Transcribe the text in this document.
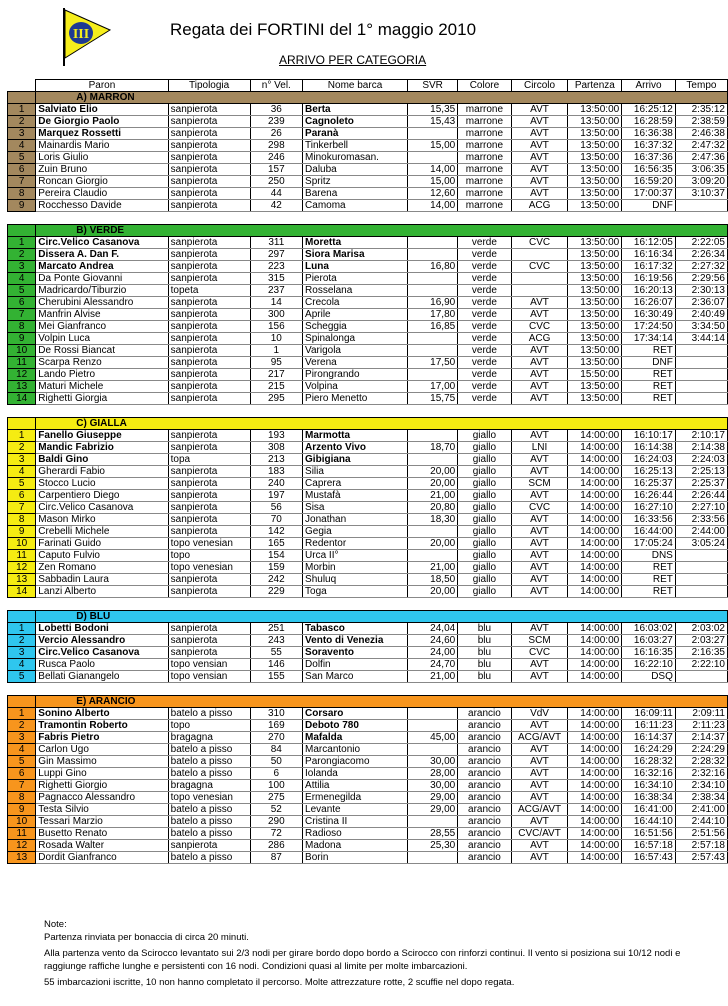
III	Regata dei FORTINI del 1° maggio 2010
ARRIVO PER CATEGORIA
	Paron	Tipologia	n° Vel.	Nome barca	SVR	Colore	Circolo	Partenza	Arrivo	Tempo
	A) MARRON									
1	Salviato Elio	sanpierota	36	Berta	15,35	marrone	AVT	13:50:00	16:25:12	2:35:12
2	De Giorgio Paolo	sanpierota	239	Cagnoleto	15,43	marrone	AVT	13:50:00	16:28:59	2:38:59
3	Marquez Rossetti	sanpierota	26	Paranà		marrone	AVT	13:50:00	16:36:38	2:46:38
4	Mainardis Mario	sanpierota	298	Tinkerbell	15,00	marrone	AVT	13:50:00	16:37:32	2:47:32
5	Loris Giulio	sanpierota	246	Minokuromasan.		marrone	AVT	13:50:00	16:37:36	2:47:36
6	Zuin Bruno	sanpierota	157	Daluba	14,00	marrone	AVT	13:50:00	16:56:35	3:06:35
7	Roncan Giorgio	sanpierota	250	Spritz	15,00	marrone	AVT	13:50:00	16:59:20	3:09:20
8	Pereira Claudio	sanpierota	44	Barena	12,60	marrone	AVT	13:50:00	17:00:37	3:10:37
9	Rocchesso Davide	sanpierota	42	Camoma	14,00	marrone	ACG	13:50:00	DNF	

	B) VERDE									
1	Circ.Velico Casanova	sanpierota	311	Moretta		verde	CVC	13:50:00	16:12:05	2:22:05
2	Dissera A. Dan F.	sanpierota	297	Siora Marisa		verde		13:50:00	16:16:34	2:26:34
3	Marcato Andrea	sanpierota	223	Luna	16,80	verde	CVC	13:50:00	16:17:32	2:27:32
4	Da Ponte Giovanni	sanpierota	315	Pierota		verde		13:50:00	16:19:56	2:29:56
5	Madricardo/Tiburzio	topeta	237	Rosselana		verde		13:50:00	16:20:13	2:30:13
6	Cherubini Alessandro	sanpierota	14	Crecola	16,90	verde	AVT	13:50:00	16:26:07	2:36:07
7	Manfrin Alvise	sanpierota	300	Aprile	17,80	verde	AVT	13:50:00	16:30:49	2:40:49
8	Mei Gianfranco	sanpierota	156	Scheggia	16,85	verde	CVC	13:50:00	17:24:50	3:34:50
9	Volpin Luca	sanpierota	10	Spinalonga		verde	ACG	13:50:00	17:34:14	3:44:14
10	De Rossi Biancat	sanpierota	1	Varigola		verde	AVT	13:50:00	RET	
11	Scarpa Renzo	sanpierota	95	Verena	17,50	verde	AVT	13:50:00	DNF	
12	Lando Pietro	sanpierota	217	Pirongrando		verde	AVT	15:50:00	RET	
13	Maturi Michele	sanpierota	215	Volpina	17,00	verde	AVT	13:50:00	RET	
14	Righetti Giorgia	sanpierota	295	Piero Menetto	15,75	verde	AVT	13:50:00	RET	

	C) GIALLA									
1	Fanello Giuseppe	sanpierota	193	Marmotta		giallo	AVT	14:00:00	16:10:17	2:10:17
2	Mandic Fabrizio	sanpierota	308	Arzento Vivo	18,70	giallo	LNI	14:00:00	16:14:38	2:14:38
3	Baldi Gino	topa	213	Gibigiana		giallo	AVT	14:00:00	16:24:03	2:24:03
4	Gherardi Fabio	sanpierota	183	Silia	20,00	giallo	AVT	14:00:00	16:25:13	2:25:13
5	Stocco Lucio	sanpierota	240	Caprera	20,00	giallo	SCM	14:00:00	16:25:37	2:25:37
6	Carpentiero Diego	sanpierota	197	Mustafà	21,00	giallo	AVT	14:00:00	16:26:44	2:26:44
7	Circ.Velico Casanova	sanpierota	56	Sisa	20,80	giallo	CVC	14:00:00	16:27:10	2:27:10
8	Mason Mirko	sanpierota	70	Jonathan	18,30	giallo	AVT	14:00:00	16:33:56	2:33:56
9	Crebelli Michele	sanpierota	142	Gegia		giallo	AVT	14:00:00	16:44:00	2:44:00
10	Farinati Guido	topo venesian	165	Redentor	20,00	giallo	AVT	14:00:00	17:05:24	3:05:24
11	Caputo Fulvio	topo	154	Urca II°		giallo	AVT	14:00:00	DNS	
12	Zen Romano	topo venesian	159	Morbin	21,00	giallo	AVT	14:00:00	RET	
13	Sabbadin Laura	sanpierota	242	Shuluq	18,50	giallo	AVT	14:00:00	RET	
14	Lanzi Alberto	sanpierota	229	Toga	20,00	giallo	AVT	14:00:00	RET	

	D) BLU									
1	Lobetti Bodoni	sanpierota	251	Tabasco	24,04	blu	AVT	14:00:00	16:03:02	2:03:02
2	Vercio Alessandro	sanpierota	243	Vento di Venezia	24,60	blu	SCM	14:00:00	16:03:27	2:03:27
3	Circ.Velico Casanova	sanpierota	55	Soravento	24,00	blu	CVC	14:00:00	16:16:35	2:16:35
4	Rusca Paolo	topo vensian	146	Dolfin	24,70	blu	AVT	14:00:00	16:22:10	2:22:10
5	Bellati Gianangelo	topo vensian	155	San Marco	21,00	blu	AVT	14:00:00	DSQ	

	E) ARANCIO									
1	Sonino Alberto	batelo a pisso	310	Corsaro		arancio	VdV	14:00:00	16:09:11	2:09:11
2	Tramontin Roberto	topo	169	Deboto 780		arancio	AVT	14:00:00	16:11:23	2:11:23
3	Fabris Pietro	bragagna	270	Mafalda	45,00	arancio	ACG/AVT	14:00:00	16:14:37	2:14:37
4	Carlon Ugo	batelo a pisso	84	Marcantonio		arancio	AVT	14:00:00	16:24:29	2:24:29
5	Gin Massimo	batelo a pisso	50	Parongiacomo	30,00	arancio	AVT	14:00:00	16:28:32	2:28:32
6	Luppi Gino	batelo a pisso	6	Iolanda	28,00	arancio	AVT	14:00:00	16:32:16	2:32:16
7	Righetti Giorgio	bragagna	100	Attilia	30,00	arancio	AVT	14:00:00	16:34:10	2:34:10
8	Pagnacco Alessandro	topo venesian	275	Ermenegilda	29,00	arancio	AVT	14:00:00	16:38:34	2:38:34
9	Testa Silvio	batelo a pisso	52	Levante	29,00	arancio	ACG/AVT	14:00:00	16:41:00	2:41:00
10	Tessari Marzio	batelo a pisso	290	Cristina II		arancio	AVT	14:00:00	16:44:10	2:44:10
11	Busetto Renato	batelo a pisso	72	Radioso	28,55	arancio	CVC/AVT	14:00:00	16:51:56	2:51:56
12	Rosada Walter	sanpierota	286	Madona	25,30	arancio	AVT	14:00:00	16:57:18	2:57:18
13	Dordit Gianfranco	batelo a pisso	87	Borin		arancio	AVT	14:00:00	16:57:43	2:57:43

Note:

Partenza rinviata per bonaccia di circa 20 minuti.

Alla partenza vento da Scirocco levantato sui 2/3 nodi per girare bordo dopo bordo a Scirocco con rinforzi continui. Il vento si posiziona sui 10/12 nodi e raggiunge raffiche lunghe e persistenti con 16 nodi. Condizioni quasi al limite per molte imbarcazioni.

55 imbarcazioni iscritte, 10 non hanno completato il percorso. Molte attrezzature rotte, 2 scuffie nel dopo regata.
